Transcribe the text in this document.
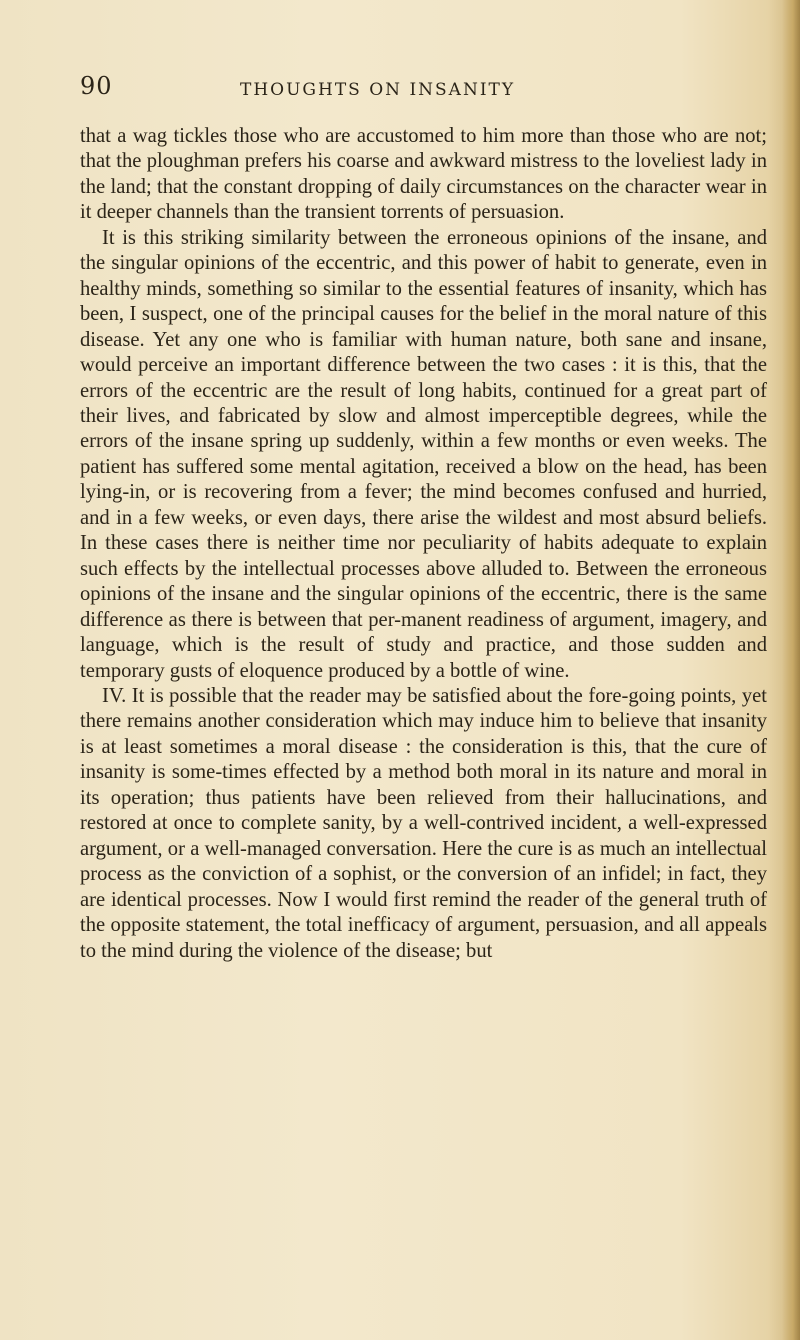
90	THOUGHTS ON INSANITY

that a wag tickles those who are accustomed to him more than those who are not; that the ploughman prefers his coarse and awkward mistress to the loveliest lady in the land; that the constant dropping of daily circumstances on the character wear in it deeper channels than the transient torrents of persuasion.

It is this striking similarity between the erroneous opinions of the insane, and the singular opinions of the eccentric, and this power of habit to generate, even in healthy minds, something so similar to the essential features of insanity, which has been, I suspect, one of the principal causes for the belief in the moral nature of this disease. Yet any one who is familiar with human nature, both sane and insane, would perceive an important difference between the two cases : it is this, that the errors of the eccentric are the result of long habits, continued for a great part of their lives, and fabricated by slow and almost imperceptible degrees, while the errors of the insane spring up suddenly, within a few months or even weeks. The patient has suffered some mental agitation, received a blow on the head, has been lying-in, or is recovering from a fever; the mind becomes confused and hurried, and in a few weeks, or even days, there arise the wildest and most absurd beliefs. In these cases there is neither time nor peculiarity of habits adequate to explain such effects by the intellectual processes above alluded to. Between the erroneous opinions of the insane and the singular opinions of the eccentric, there is the same difference as there is between that per-manent readiness of argument, imagery, and language, which is the result of study and practice, and those sudden and temporary gusts of eloquence produced by a bottle of wine.

IV. It is possible that the reader may be satisfied about the fore-going points, yet there remains another consideration which may induce him to believe that insanity is at least sometimes a moral disease : the consideration is this, that the cure of insanity is some-times effected by a method both moral in its nature and moral in its operation; thus patients have been relieved from their hallucinations, and restored at once to complete sanity, by a well-contrived incident, a well-expressed argument, or a well-managed conversation. Here the cure is as much an intellectual process as the conviction of a sophist, or the conversion of an infidel; in fact, they are identical processes. Now I would first remind the reader of the general truth of the opposite statement, the total inefficacy of argument, persuasion, and all appeals to the mind during the violence of the disease; but
